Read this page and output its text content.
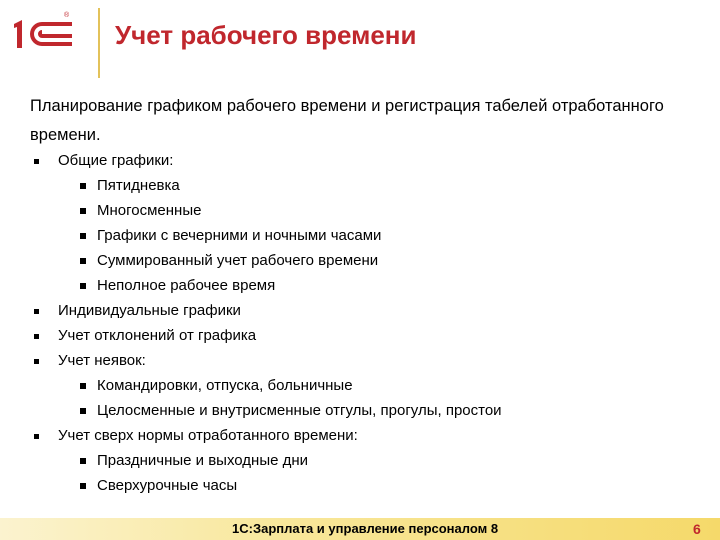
®
Учет рабочего времени
Планирование графиком рабочего времени и регистрация табелей отработанного времени.
Общие графики:
Пятидневка
Многосменные
Графики с вечерними и ночными часами
Суммированный учет рабочего времени
Неполное рабочее время
Индивидуальные графики
Учет отклонений от графика
Учет неявок:
Командировки, отпуска, больничные
Целосменные и внутрисменные отгулы, прогулы, простои
Учет сверх нормы отработанного времени:
Праздничные и выходные дни
Сверхурочные часы
1С:Зарплата и управление персоналом 8	6
